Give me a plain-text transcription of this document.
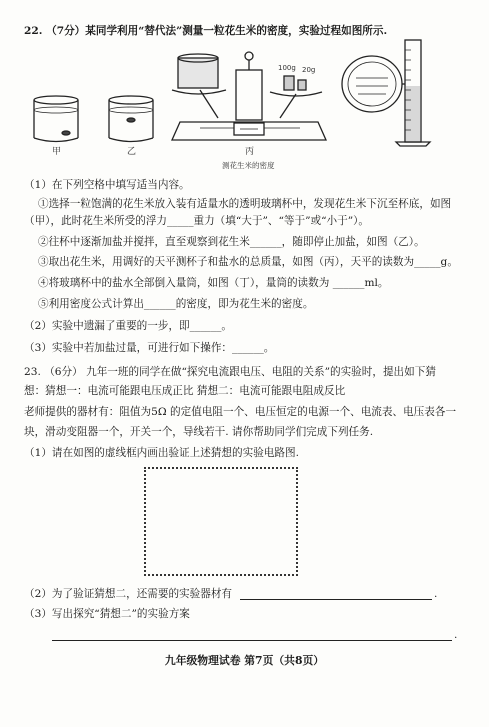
22. （7分）某同学利用“替代法”测量一粒花生米的密度，实验过程如图所示.
甲	乙	丙
100g 20g
测花生米的密度
（1）在下列空格中填写适当内容。
①选择一粒饱满的花生米放入装有适量水的透明玻璃杯中，发现花生米下沉至杯底，如图
（甲），此时花生米所受的浮力_____重力（填“大于”、“等于”或“小于”）。
②往杯中逐渐加盐并搅拌，直至观察到花生米______，随即停止加盐，如图（乙）。
③取出花生米，用调好的天平测杯子和盐水的总质量，如图（丙），天平的读数为_____g。
④将玻璃杯中的盐水全部倒入量筒，如图（丁），量筒的读数为 ______ml。
⑤利用密度公式计算出______的密度，即为花生米的密度。
（2）实验中遗漏了重要的一步，即______。
（3）实验中若加盐过量，可进行如下操作：______。
23. （6分） 九年一班的同学在做“探究电流跟电压、电阻的关系”的实验时，提出如下猜
想：猜想一：电流可能跟电压成正比 猜想二：电流可能跟电阻成反比
老师提供的器材有：阻值为5Ω 的定值电阻一个、电压恒定的电源一个、电流表、电压表各一
块，滑动变阻器一个，开关一个，导线若干. 请你帮助同学们完成下列任务.
（1）请在如图的虚线框内画出验证上述猜想的实验电路图.
（2）为了验证猜想二，还需要的实验器材有	.
（3）写出探究“猜想二”的实验方案
.
九年级物理试卷 第7页（共8页）
